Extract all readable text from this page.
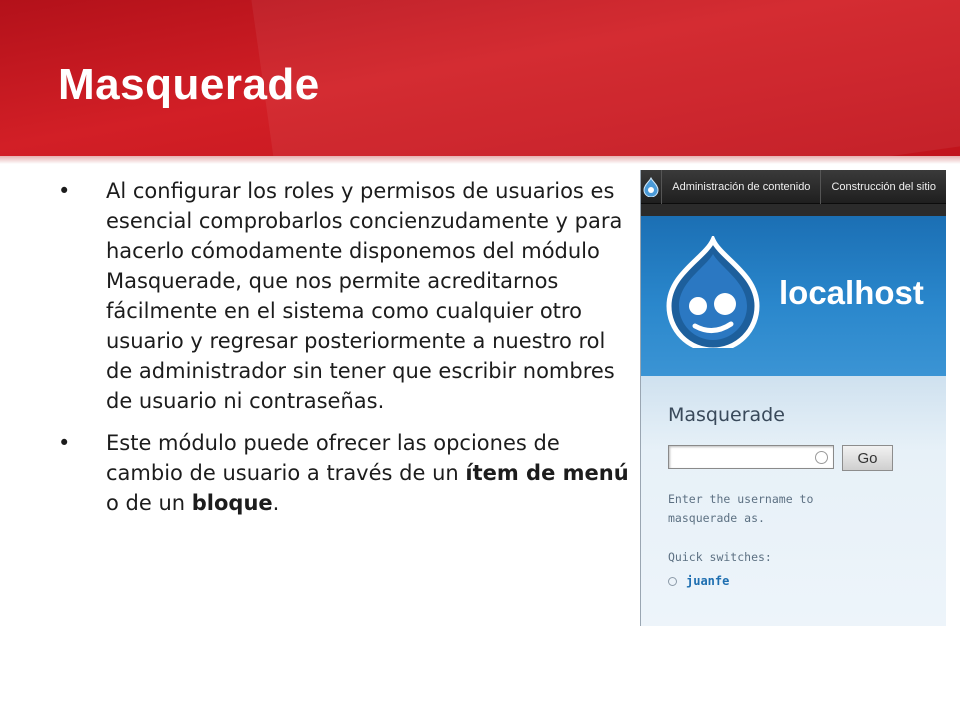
Masquerade
• Al configurar los roles y permisos de usuarios es esencial comprobarlos concienzudamente y para hacerlo cómodamente disponemos del módulo Masquerade, que nos permite acreditarnos fácilmente en el sistema como cualquier otro usuario y regresar posteriormente a nuestro rol de administrador sin tener que escribir nombres de usuario ni contraseñas.
• Este módulo puede ofrecer las opciones de cambio de usuario a través de un ítem de menú o de un bloque.
Administración de contenido	Construcción del sitio
localhost
Masquerade
Go
Enter the username to masquerade as.
Quick switches:
juanfe
